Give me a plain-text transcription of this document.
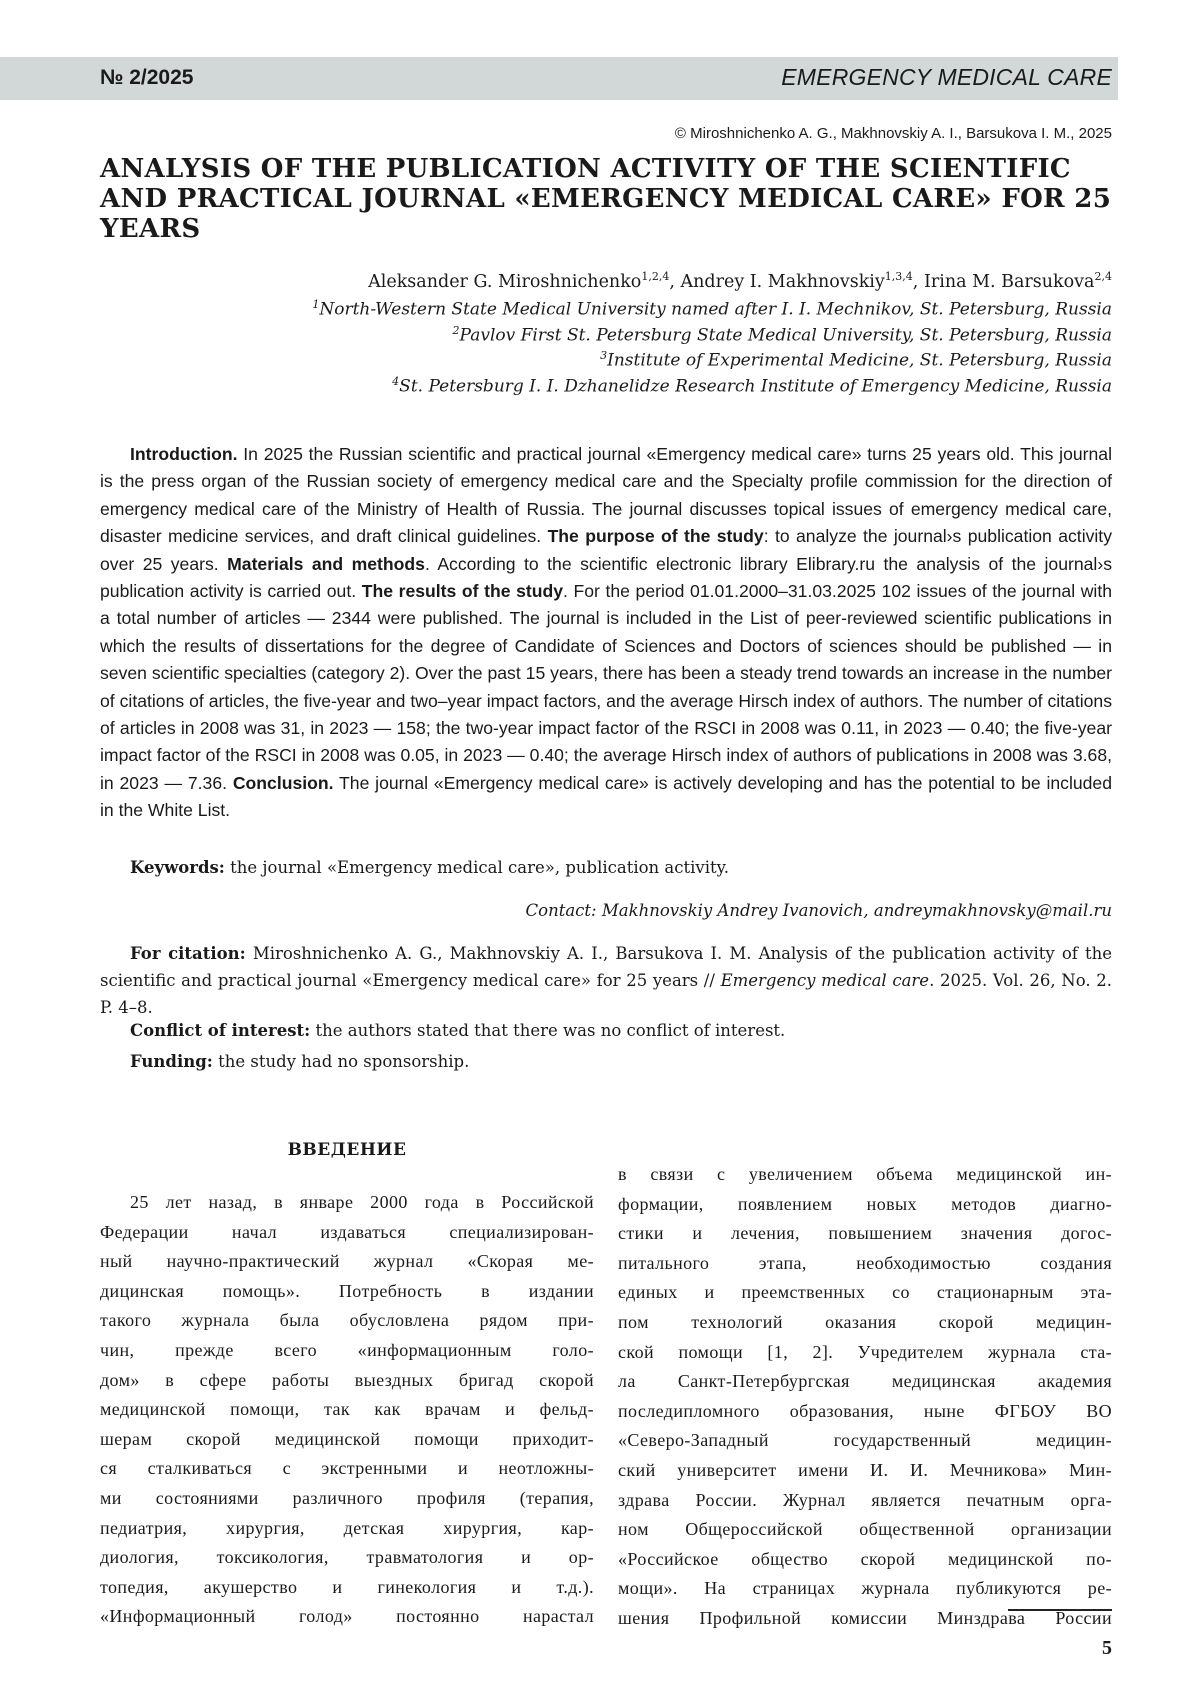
№ 2/2025	EMERGENCY MEDICAL CARE
© Miroshnichenko A. G., Makhnovskiy A. I., Barsukova I. M., 2025
ANALYSIS OF THE PUBLICATION ACTIVITY OF THE SCIENTIFIC AND PRACTICAL JOURNAL «EMERGENCY MEDICAL CARE» FOR 25 YEARS
Aleksander G. Miroshnichenko1,2,4, Andrey I. Makhnovskiy1,3,4, Irina M. Barsukova2,4
1North-Western State Medical University named after I. I. Mechnikov, St. Petersburg, Russia
2Pavlov First St. Petersburg State Medical University, St. Petersburg, Russia
3Institute of Experimental Medicine, St. Petersburg, Russia
4St. Petersburg I. I. Dzhanelidze Research Institute of Emergency Medicine, Russia

Introduction. In 2025 the Russian scientific and practical journal «Emergency medical care» turns 25 years old. This journal is the press organ of the Russian society of emergency medical care and the Specialty profile commission for the direction of emergency medical care of the Ministry of Health of Russia. The journal discusses topical issues of emergency medical care, disaster medicine services, and draft clinical guidelines. The purpose of the study: to analyze the journal›s publication activity over 25 years. Materials and methods. According to the scientific electronic library Elibrary.ru the analysis of the journal›s publication activity is carried out. The results of the study. For the period 01.01.2000–31.03.2025 102 issues of the journal with a total number of articles — 2344 were published. The journal is included in the List of peer-reviewed scientific publications in which the results of dissertations for the degree of Candidate of Sciences and Doctors of sciences should be published — in seven scientific specialties (category 2). Over the past 15 years, there has been a steady trend towards an increase in the number of citations of articles, the five-year and two–year impact factors, and the average Hirsch index of authors. The number of citations of articles in 2008 was 31, in 2023 — 158; the two-year impact factor of the RSCI in 2008 was 0.11, in 2023 — 0.40; the five-year impact factor of the RSCI in 2008 was 0.05, in 2023 — 0.40; the average Hirsch index of authors of publications in 2008 was 3.68, in 2023 — 7.36. Conclusion. The journal «Emergency medical care» is actively developing and has the potential to be included in the White List.

Keywords: the journal «Emergency medical care», publication activity.
Contact: Makhnovskiy Andrey Ivanovich, andreymakhnovsky@mail.ru

For citation: Miroshnichenko A. G., Makhnovskiy A. I., Barsukova I. M. Analysis of the publication activity of the scientific and practical journal «Emergency medical care» for 25 years // Emergency medical care. 2025. Vol. 26, No. 2. P. 4–8.

Conflict of interest: the authors stated that there was no conflict of interest.
Funding: the study had no sponsorship.
ВВЕДЕНИЕ
25 лет назад, в январе 2000 года в Российской
Федерации начал издаваться специализирован-
ный научно-практический журнал «Скорая ме-
дицинская помощь». Потребность в издании
такого журнала была обусловлена рядом при-
чин, прежде всего «информационным голо-
дом» в сфере работы выездных бригад скорой
медицинской помощи, так как врачам и фельд-
шерам скорой медицинской помощи приходит-
ся сталкиваться с экстренными и неотложны-
ми состояниями различного профиля (терапия,
педиатрия, хирургия, детская хирургия, кар-
диология, токсикология, травматология и ор-
топедия, акушерство и гинекология и т.д.).
«Информационный голод» постоянно нарастал
в связи с увеличением объема медицинской ин-
формации, появлением новых методов диагно-
стики и лечения, повышением значения догос-
питального этапа, необходимостью создания
единых и преемственных со стационарным эта-
пом технологий оказания скорой медицин-
ской помощи [1, 2]. Учредителем журнала ста-
ла Санкт-Петербургская медицинская академия
последипломного образования, ныне ФГБОУ ВО
«Северо-Западный государственный медицин-
ский университет имени И. И. Мечникова» Мин-
здрава России. Журнал является печатным орга-
ном Общероссийской общественной организации
«Российское общество скорой медицинской по-
мощи». На страницах журнала публикуются ре-
шения Профильной комиссии Минздрава России
5
